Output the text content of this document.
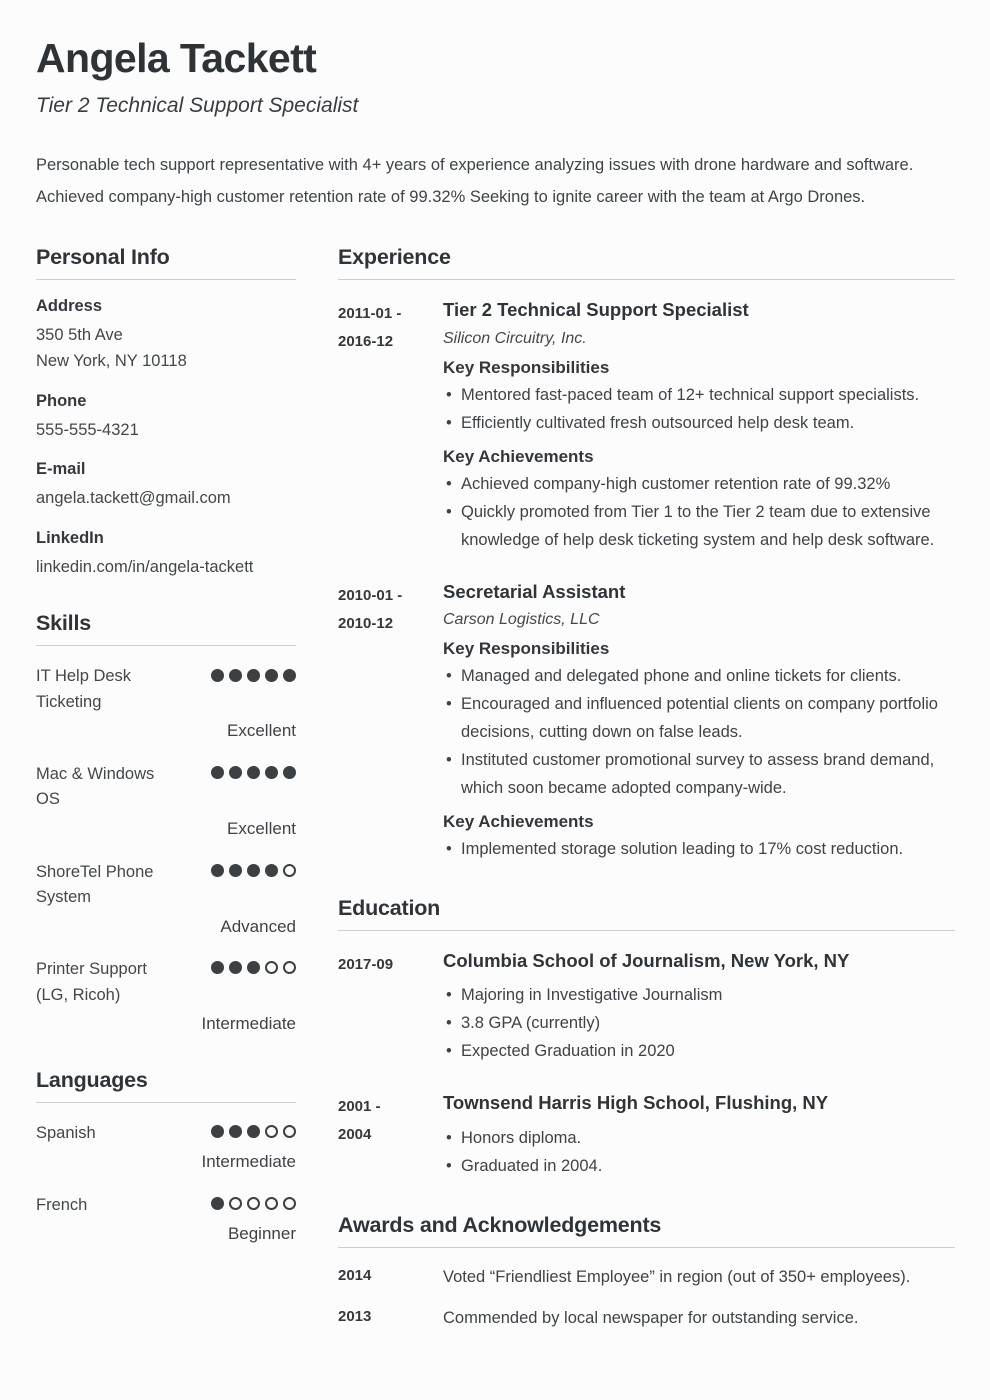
Angela Tackett
Tier 2 Technical Support Specialist

Personable tech support representative with 4+ years of experience analyzing issues with drone hardware and software. Achieved company-high customer retention rate of 99.32% Seeking to ignite career with the team at Argo Drones.

Personal Info
Address
350 5th Ave
New York, NY 10118
Phone
555-555-4321
E-mail
angela.tackett@gmail.com
LinkedIn
linkedin.com/in/angela-tackett
Skills
IT Help Desk Ticketing
Excellent
Mac & Windows OS
Excellent
ShoreTel Phone System
Advanced
Printer Support (LG, Ricoh)
Intermediate
Languages
Spanish
Intermediate
French
Beginner
Experience
2011-01 -
2016-12
Tier 2 Technical Support Specialist
Silicon Circuitry, Inc.
Key Responsibilities
• Mentored fast-paced team of 12+ technical support specialists.
• Efficiently cultivated fresh outsourced help desk team.
Key Achievements
• Achieved company-high customer retention rate of 99.32%
• Quickly promoted from Tier 1 to the Tier 2 team due to extensive knowledge of help desk ticketing system and help desk software.
2010-01 -
2010-12
Secretarial Assistant
Carson Logistics, LLC
Key Responsibilities
• Managed and delegated phone and online tickets for clients.
• Encouraged and influenced potential clients on company portfolio decisions, cutting down on false leads.
• Instituted customer promotional survey to assess brand demand, which soon became adopted company-wide.
Key Achievements
• Implemented storage solution leading to 17% cost reduction.
Education
2017-09	Columbia School of Journalism, New York, NY
• Majoring in Investigative Journalism
• 3.8 GPA (currently)
• Expected Graduation in 2020
2001 -
2004
Townsend Harris High School, Flushing, NY
• Honors diploma.
• Graduated in 2004.
Awards and Acknowledgements
2014	Voted “Friendliest Employee” in region (out of 350+ employees).
2013	Commended by local newspaper for outstanding service.
